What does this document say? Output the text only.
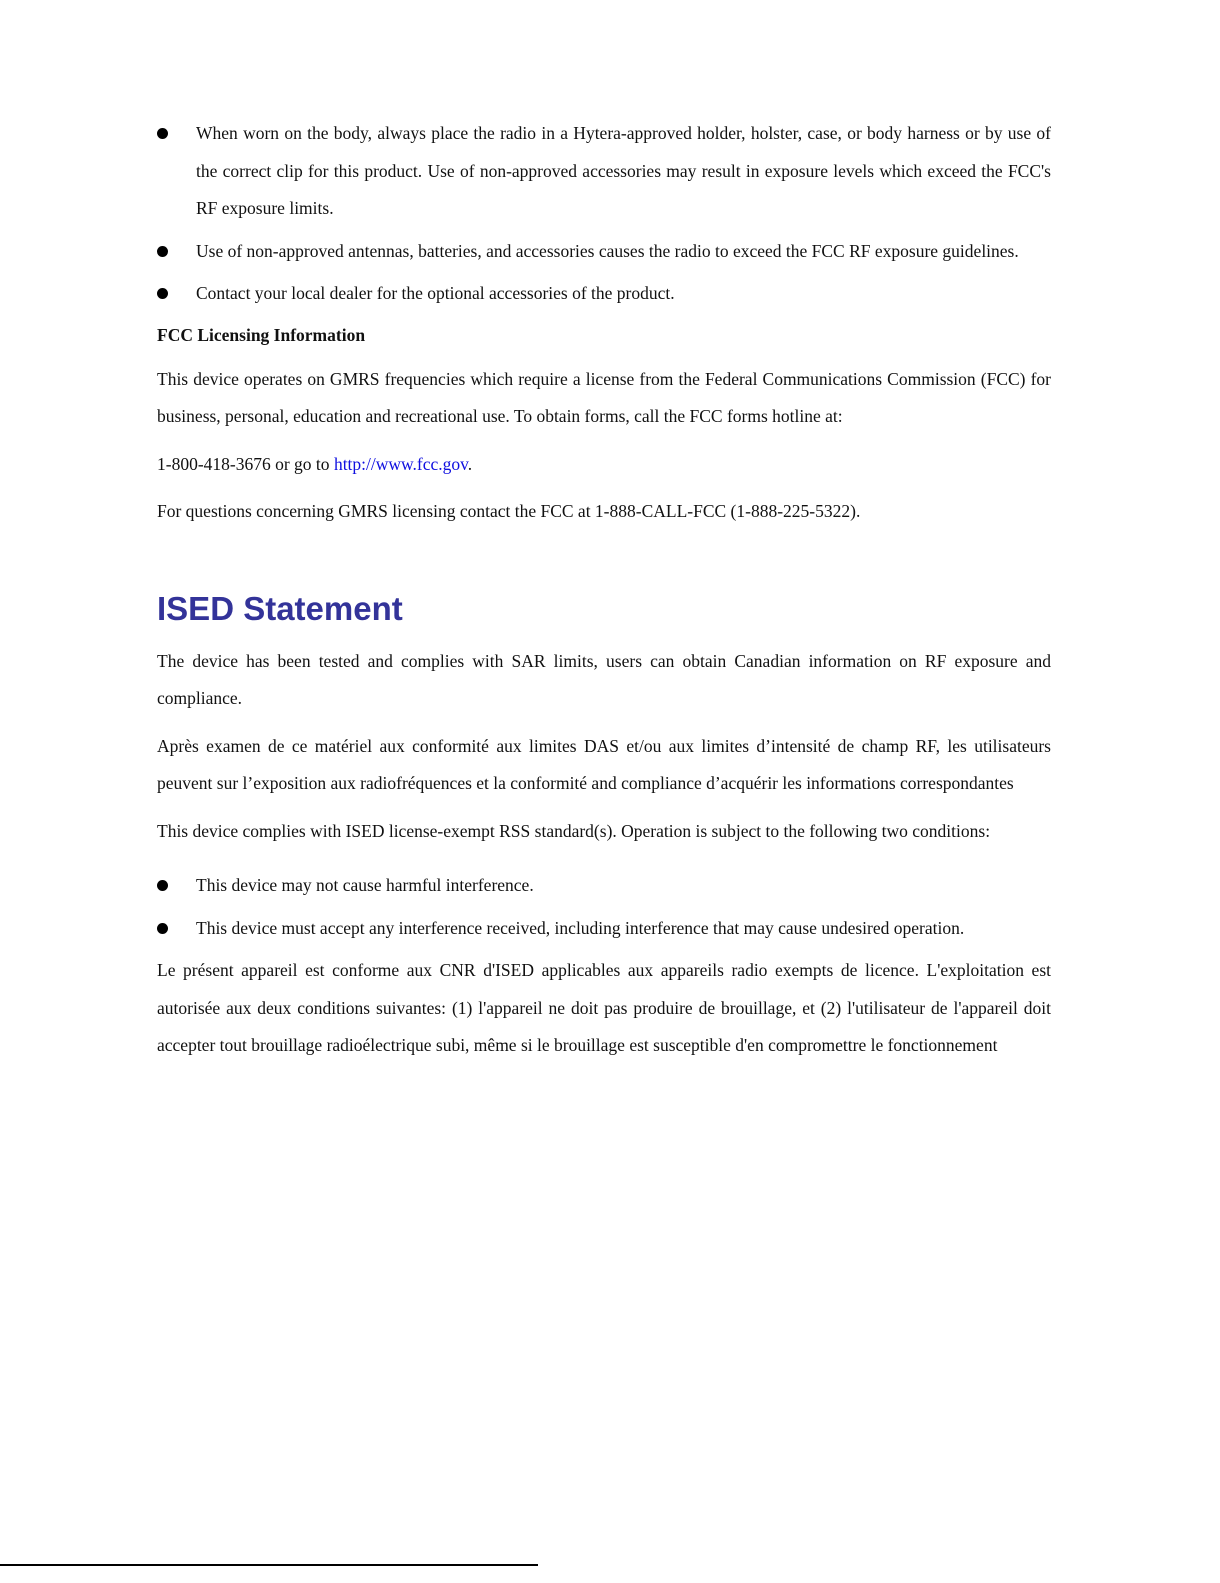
When worn on the body, always place the radio in a Hytera-approved holder, holster, case, or body harness or by use of the correct clip for this product. Use of non-approved accessories may result in exposure levels which exceed the FCC's RF exposure limits.
Use of non-approved antennas, batteries, and accessories causes the radio to exceed the FCC RF exposure guidelines.
Contact your local dealer for the optional accessories of the product.
FCC Licensing Information

This device operates on GMRS frequencies which require a license from the Federal Communications Commission (FCC) for business, personal, education and recreational use. To obtain forms, call the FCC forms hotline at:

1-800-418-3676 or go to http://www.fcc.gov.

For questions concerning GMRS licensing contact the FCC at 1-888-CALL-FCC (1-888-225-5322).

ISED Statement

The device has been tested and complies with SAR limits, users can obtain Canadian information on RF exposure and compliance.

Après examen de ce matériel aux conformité aux limites DAS et/ou aux limites d’intensité de champ RF, les utilisateurs peuvent sur l’exposition aux radiofréquences et la conformité and compliance d’acquérir les informations correspondantes

This device complies with ISED license-exempt RSS standard(s). Operation is subject to the following two conditions:

This device may not cause harmful interference.
This device must accept any interference received, including interference that may cause undesired operation.

Le présent appareil est conforme aux CNR d'ISED applicables aux appareils radio exempts de licence. L'exploitation est autorisée aux deux conditions suivantes: (1) l'appareil ne doit pas produire de brouillage, et (2) l'utilisateur de l'appareil doit accepter tout brouillage radioélectrique subi, même si le brouillage est susceptible d'en compromettre le fonctionnement
